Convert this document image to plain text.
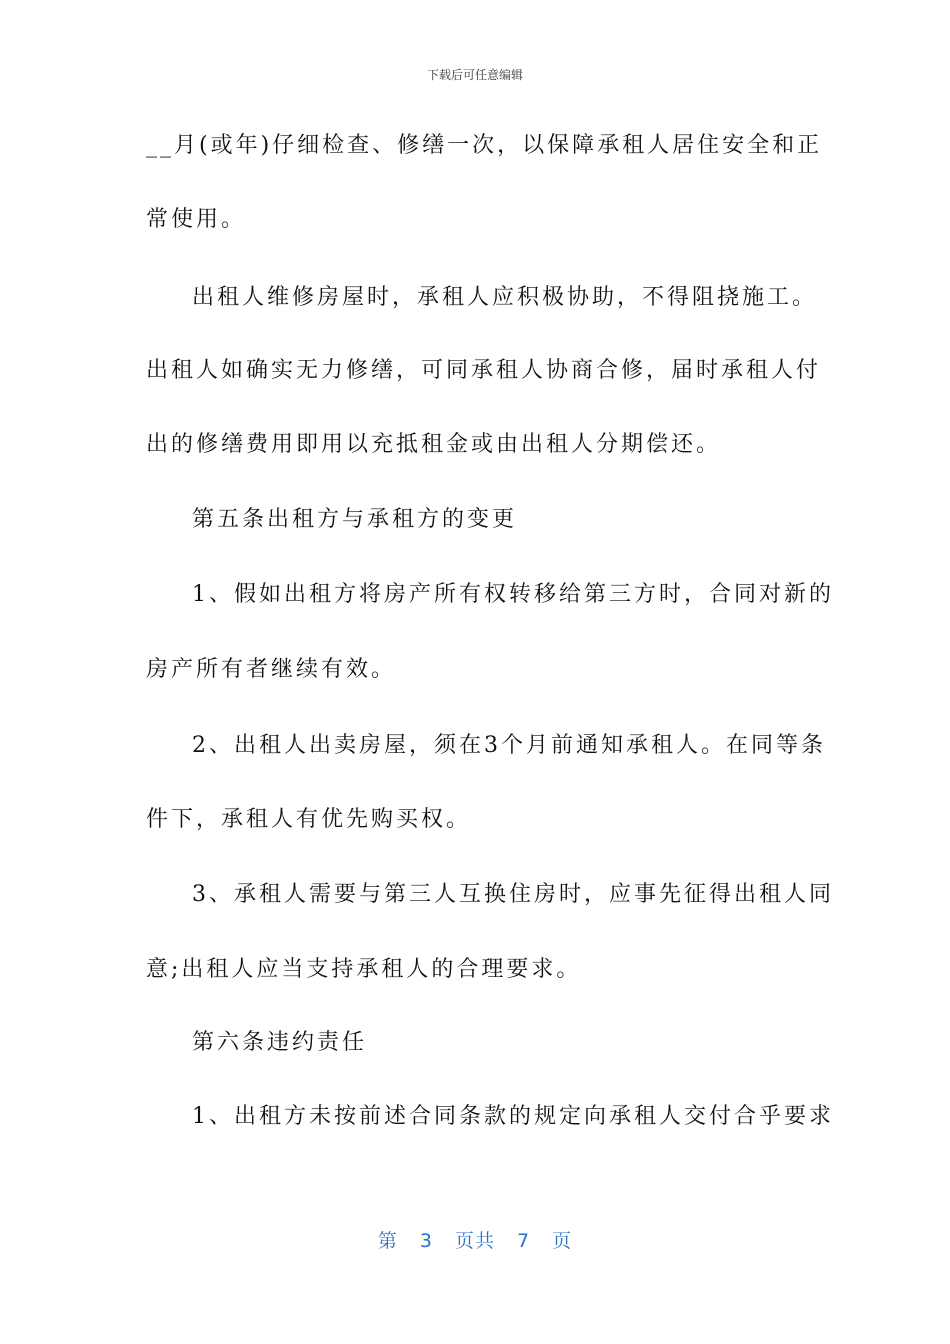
下载后可任意编辑
__月(或年)仔细检查、修缮一次，以保障承租人居住安全和正
常使用。
出租人维修房屋时，承租人应积极协助，不得阻挠施工。
出租人如确实无力修缮，可同承租人协商合修，届时承租人付
出的修缮费用即用以充抵租金或由出租人分期偿还。
第五条出租方与承租方的变更
1、假如出租方将房产所有权转移给第三方时，合同对新的
房产所有者继续有效。
2、出租人出卖房屋，须在3个月前通知承租人。在同等条
件下，承租人有优先购买权。
3、承租人需要与第三人互换住房时，应事先征得出租人同
意;出租人应当支持承租人的合理要求。
第六条违约责任
1、出租方未按前述合同条款的规定向承租人交付合乎要求
第 3 页共 7 页
